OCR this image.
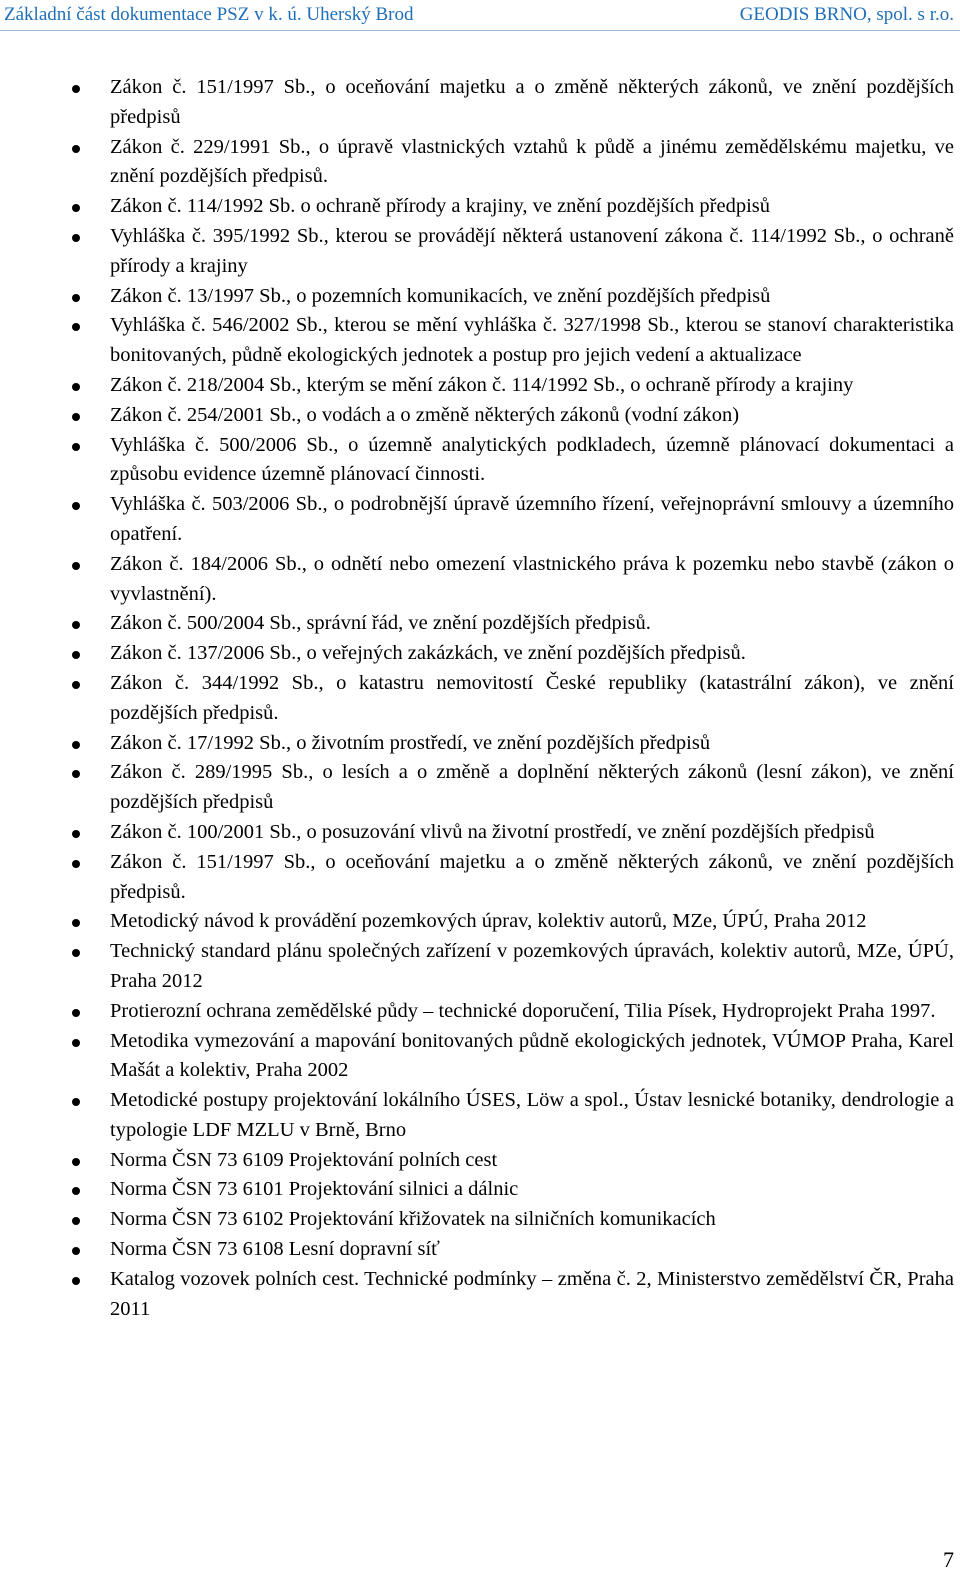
Základní část dokumentace PSZ v k. ú. Uherský Brod	GEODIS BRNO, spol. s r.o.
Zákon č. 151/1997 Sb., o oceňování majetku a o změně některých zákonů, ve znění pozdějších předpisů
Zákon č. 229/1991 Sb., o úpravě vlastnických vztahů k půdě a jinému zemědělskému majetku, ve znění pozdějších předpisů.
Zákon č. 114/1992 Sb. o ochraně přírody a krajiny, ve znění pozdějších předpisů
Vyhláška č. 395/1992 Sb., kterou se provádějí některá ustanovení zákona č. 114/1992 Sb., o ochraně přírody a krajiny
Zákon č. 13/1997 Sb., o pozemních komunikacích, ve znění pozdějších předpisů
Vyhláška č. 546/2002 Sb., kterou se mění vyhláška č. 327/1998 Sb., kterou se stanoví charakteristika bonitovaných, půdně ekologických jednotek a postup pro jejich vedení a aktualizace
Zákon č. 218/2004 Sb., kterým se mění zákon č. 114/1992 Sb., o ochraně přírody a krajiny
Zákon č. 254/2001 Sb., o vodách a o změně některých zákonů (vodní zákon)
Vyhláška č. 500/2006 Sb., o územně analytických podkladech, územně plánovací dokumentaci a způsobu evidence územně plánovací činnosti.
Vyhláška č. 503/2006 Sb., o podrobnější úpravě územního řízení, veřejnoprávní smlouvy a územního opatření.
Zákon č. 184/2006 Sb., o odnětí nebo omezení vlastnického práva k pozemku nebo stavbě (zákon o vyvlastnění).
Zákon č. 500/2004 Sb., správní řád, ve znění pozdějších předpisů.
Zákon č. 137/2006 Sb., o veřejných zakázkách, ve znění pozdějších předpisů.
Zákon č. 344/1992 Sb., o katastru nemovitostí České republiky (katastrální zákon), ve znění pozdějších předpisů.
Zákon č. 17/1992 Sb., o životním prostředí, ve znění pozdějších předpisů
Zákon č. 289/1995 Sb., o lesích a o změně a doplnění některých zákonů (lesní zákon), ve znění pozdějších předpisů
Zákon č. 100/2001 Sb., o posuzování vlivů na životní prostředí, ve znění pozdějších předpisů
Zákon č. 151/1997 Sb., o oceňování majetku a o změně některých zákonů, ve znění pozdějších předpisů.
Metodický návod k provádění pozemkových úprav, kolektiv autorů, MZe, ÚPÚ, Praha 2012
Technický standard plánu společných zařízení v pozemkových úpravách, kolektiv autorů, MZe, ÚPÚ, Praha 2012
Protierozní ochrana zemědělské půdy – technické doporučení, Tilia Písek, Hydroprojekt Praha 1997.
Metodika vymezování a mapování bonitovaných půdně ekologických jednotek, VÚMOP Praha, Karel Mašát a kolektiv, Praha 2002
Metodické postupy projektování lokálního ÚSES, Löw a spol., Ústav lesnické botaniky, dendrologie a typologie LDF MZLU v Brně, Brno
Norma ČSN 73 6109 Projektování polních cest
Norma ČSN 73 6101 Projektování silnici a dálnic
Norma ČSN 73 6102 Projektování křižovatek na silničních komunikacích
Norma ČSN 73 6108 Lesní dopravní síť
Katalog vozovek polních cest. Technické podmínky – změna č. 2, Ministerstvo zemědělství ČR, Praha 2011
7
